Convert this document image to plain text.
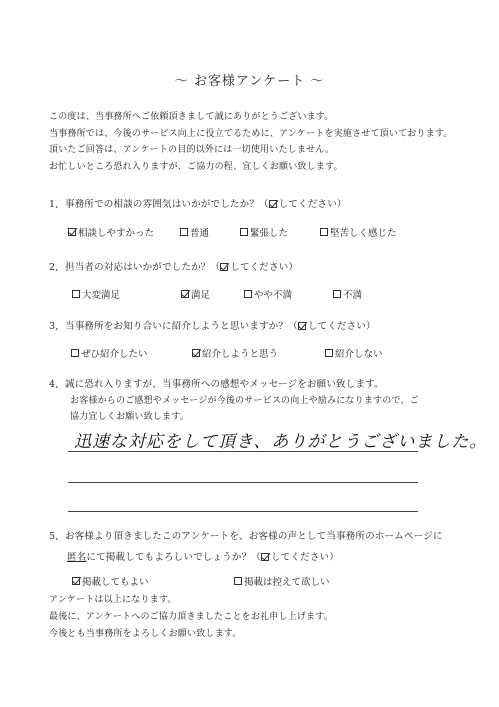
～ お客様アンケート ～
この度は、当事務所へご依頼頂きまして誠にありがとうございます。
当事務所では、今後のサービス向上に役立てるために、アンケートを実施させて頂いております。
頂いたご回答は、アンケートの目的以外には一切使用いたしません。
お忙しいところ恐れ入りますが、ご協力の程、宜しくお願い致します。
1, 事務所での相談の雰囲気はいかがでしたか？（ してください）
相談しやすかった	普通	緊張した	堅苦しく感じた
2, 担当者の対応はいかがでしたか？（ してください）
大変満足	満足	やや不満	不満
3, 当事務所をお知り合いに紹介しようと思いますか？（ してください）
ぜひ紹介したい	紹介しようと思う	紹介しない
4, 誠に恐れ入りますが、当事務所への感想やメッセージをお願い致します。
お客様からのご感想やメッセージが今後のサービスの向上や励みになりますので、ご
協力宜しくお願い致します。
迅速な対応をして頂き、ありがとうございました。
5, お客様より頂きましたこのアンケートを、お客様の声として当事務所のホームページに
匿名にて掲載してもよろしいでしょうか？（ してください）
掲載してもよい	掲載は控えて欲しい
アンケートは以上になります。
最後に、アンケートへのご協力頂きましたことをお礼申し上げます。
今後とも当事務所をよろしくお願い致します。
